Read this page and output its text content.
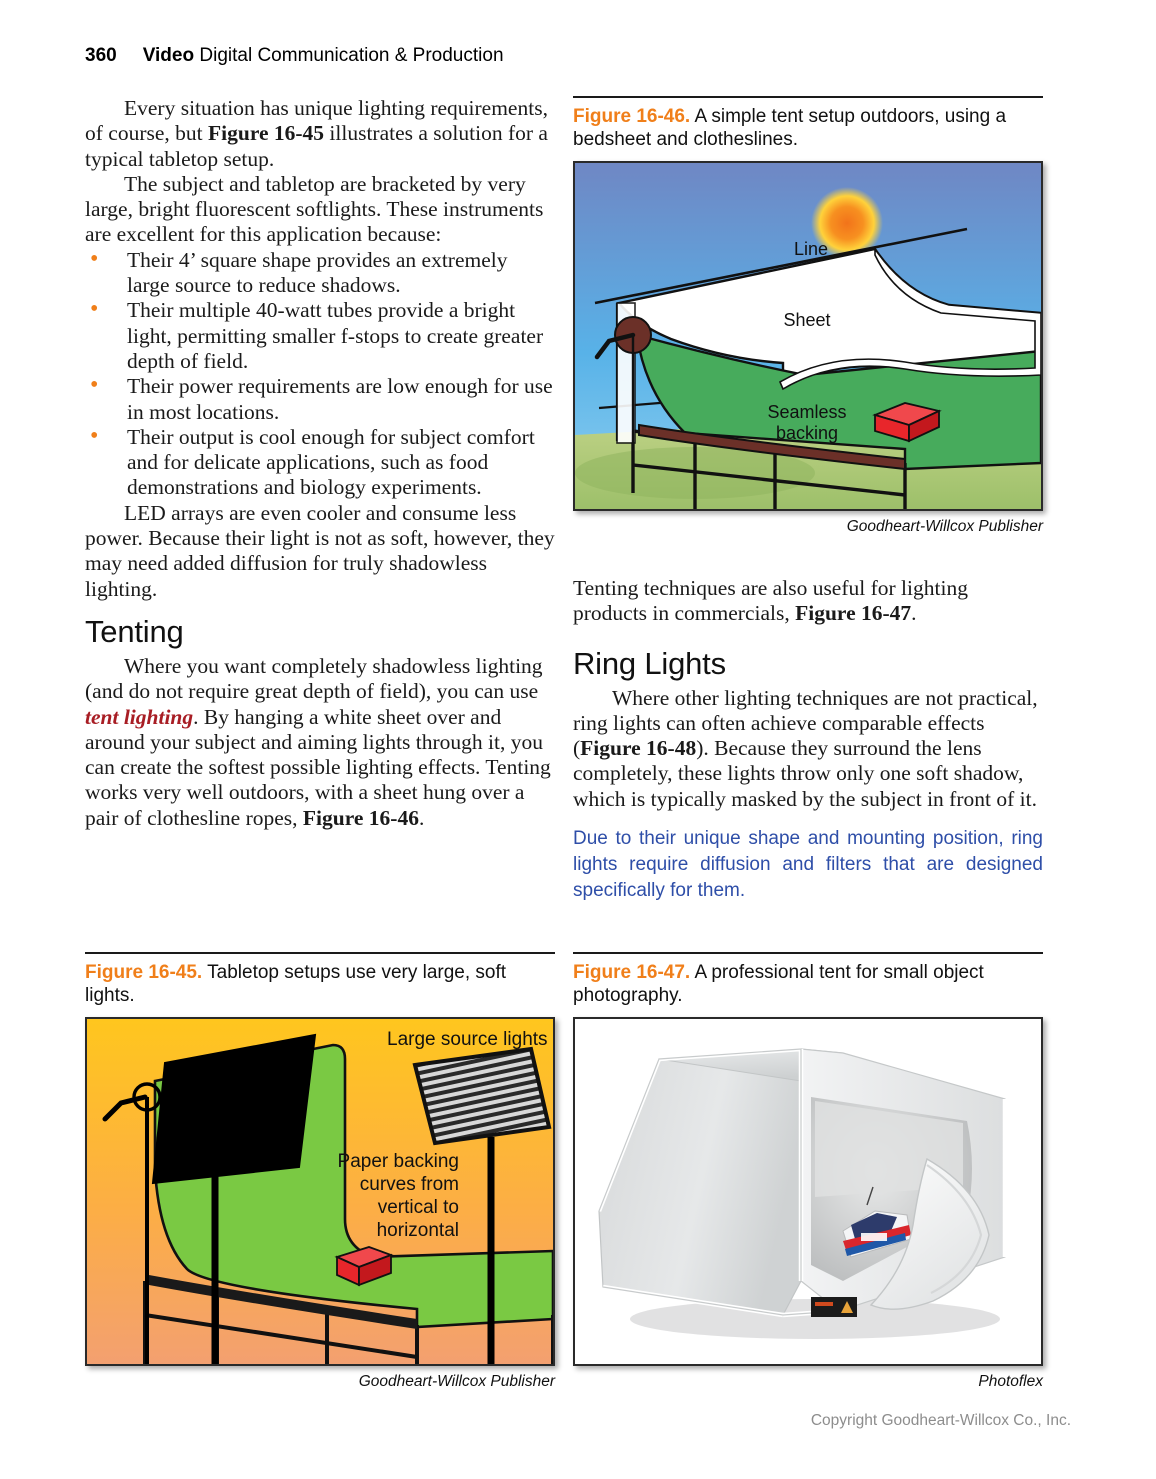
360 Video Digital Communication & Production

Every situation has unique lighting requirements, of course, but Figure 16-45 illustrates a solution for a typical tabletop setup.

The subject and tabletop are bracketed by very large, bright fluorescent softlights. These instruments are excellent for this application because:

• Their 4’ square shape provides an extremely large source to reduce shadows.
• Their multiple 40-watt tubes provide a bright light, permitting smaller f-stops to create greater depth of field.
• Their power requirements are low enough for use in most locations.
• Their output is cool enough for subject comfort and for delicate applications, such as food demonstrations and biology experiments.

LED arrays are even cooler and consume less power. Because their light is not as soft, however, they may need added diffusion for truly shadowless lighting.

Tenting

Where you want completely shadowless lighting (and do not require great depth of field), you can use tent lighting. By hanging a white sheet over and around your subject and aiming lights through it, you can create the softest possible lighting effects. Tenting works very well outdoors, with a sheet hung over a pair of clothesline ropes, Figure 16-46.

Tenting techniques are also useful for lighting products in commercials, Figure 16-47.

Ring Lights

Where other lighting techniques are not practical, ring lights can often achieve comparable effects (Figure 16-48). Because they surround the lens completely, these lights throw only one soft shadow, which is typically masked by the subject in front of it.

Due to their unique shape and mounting position, ring lights require diffusion and filters that are designed specifically for them.

Figure 16-46. A simple tent setup outdoors, using a bedsheet and clotheslines.
Line
Sheet
Seamless
backing
Goodheart-Willcox Publisher
Figure 16-45. Tabletop setups use very large, soft lights.
Large source lights
Paper backing
curves from
vertical to
horizontal
Goodheart-Willcox Publisher
Figure 16-47. A professional tent for small object photography.
Photoflex
Copyright Goodheart-Willcox Co., Inc.
